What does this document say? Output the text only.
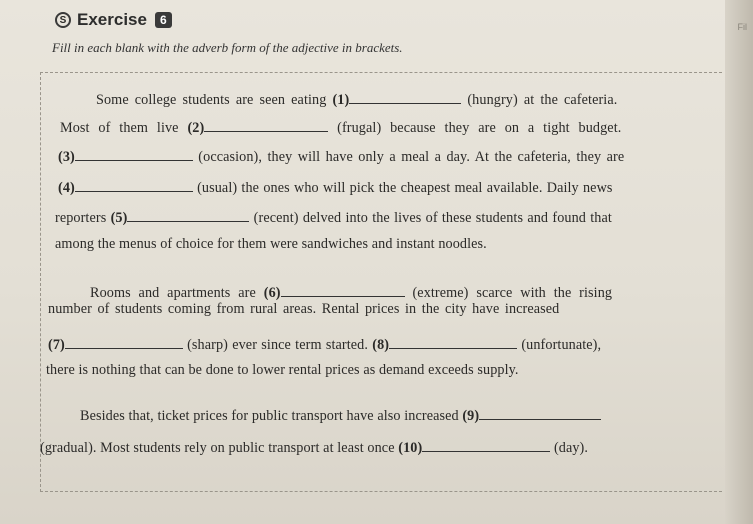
Fil
S Exercise	6
Fill in each blank with the adverb form of the adjective in brackets.
Some college students are seen eating (1)	(hungry) at the cafeteria.
Most of them live (2)	(frugal) because they are on a tight budget.
(3)	(occasion), they will have only a meal a day. At the cafeteria, they are
(4)	(usual) the ones who will pick the cheapest meal available. Daily news
reporters (5)	(recent) delved into the lives of these students and found that
among the menus of choice for them were sandwiches and instant noodles.
Rooms and apartments are (6)	(extreme) scarce with the rising
number of students coming from rural areas. Rental prices in the city have increased
(7)	(sharp) ever since term started. (8)	(unfortunate),
there is nothing that can be done to lower rental prices as demand exceeds supply.
Besides that, ticket prices for public transport have also increased (9)
(gradual). Most students rely on public transport at least once (10)	(day).
